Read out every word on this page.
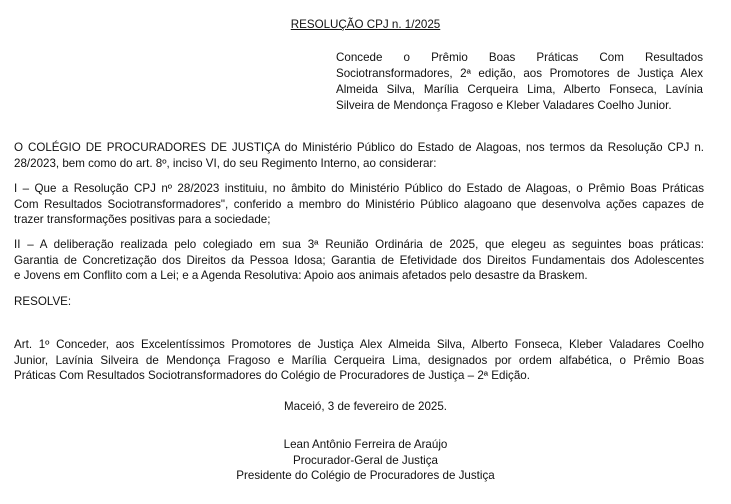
RESOLUÇÃO CPJ n. 1/2025
Concede o Prêmio Boas Práticas Com Resultados
Sociotransformadores, 2ª edição, aos Promotores de Justiça Alex
Almeida Silva, Marília Cerqueira Lima, Alberto Fonseca, Lavínia
Silveira de Mendonça Fragoso e Kleber Valadares Coelho Junior.
O COLÉGIO DE PROCURADORES DE JUSTIÇA do Ministério Público do Estado de Alagoas, nos termos da Resolução CPJ n.
28/2023, bem como do art. 8º, inciso VI, do seu Regimento Interno, ao considerar:
I – Que a Resolução CPJ nº 28/2023 instituiu, no âmbito do Ministério Público do Estado de Alagoas, o Prêmio Boas Práticas
Com Resultados Sociotransformadores", conferido a membro do Ministério Público alagoano que desenvolva ações capazes de
trazer transformações positivas para a sociedade;
II – A deliberação realizada pelo colegiado em sua 3ª Reunião Ordinária de 2025, que elegeu as seguintes boas práticas:
Garantia de Concretização dos Direitos da Pessoa Idosa; Garantia de Efetividade dos Direitos Fundamentais dos Adolescentes
e Jovens em Conflito com a Lei; e a Agenda Resolutiva: Apoio aos animais afetados pelo desastre da Braskem.
RESOLVE:
Art. 1º Conceder, aos Excelentíssimos Promotores de Justiça Alex Almeida Silva, Alberto Fonseca, Kleber Valadares Coelho
Junior, Lavínia Silveira de Mendonça Fragoso e Marília Cerqueira Lima, designados por ordem alfabética, o Prêmio Boas
Práticas Com Resultados Sociotransformadores do Colégio de Procuradores de Justiça – 2ª Edição.
Maceió, 3 de fevereiro de 2025.
Lean Antônio Ferreira de Araújo
Procurador-Geral de Justiça
Presidente do Colégio de Procuradores de Justiça
